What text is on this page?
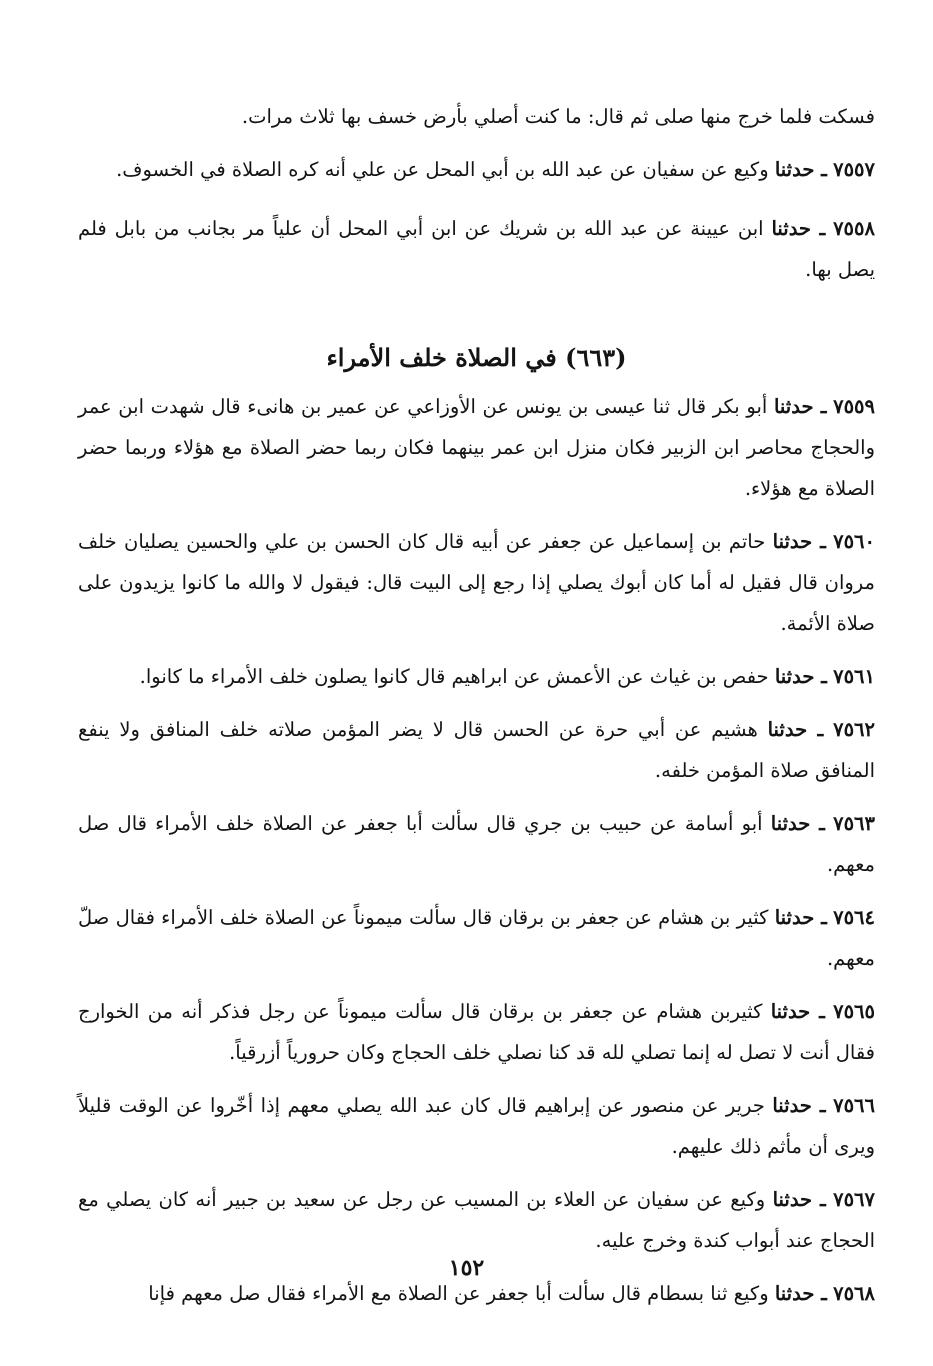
فسكت فلما خرج منها صلى ثم قال: ما كنت أصلي بأرض خسف بها ثلاث مرات.

٧٥٥٧ ـ حدثنا وكيع عن سفيان عن عبد الله بن أبي المحل عن علي أنه كره الصلاة في الخسوف.

٧٥٥٨ ـ حدثنا ابن عيينة عن عبد الله بن شريك عن ابن أبي المحل أن علياً مر بجانب من بابل فلم يصل بها.

(٦٦٣) في الصلاة خلف الأمراء

٧٥٥٩ ـ حدثنا أبو بكر قال ثنا عيسى بن يونس عن الأوزاعي عن عمير بن هانىء قال شهدت ابن عمر والحجاج محاصر ابن الزبير فكان منزل ابن عمر بينهما فكان ربما حضر الصلاة مع هؤلاء وربما حضر الصلاة مع هؤلاء.

٧٥٦٠ ـ حدثنا حاتم بن إسماعيل عن جعفر عن أبيه قال كان الحسن بن علي والحسين يصليان خلف مروان قال فقيل له أما كان أبوك يصلي إذا رجع إلى البيت قال: فيقول لا والله ما كانوا يزيدون على صلاة الأئمة.

٧٥٦١ ـ حدثنا حفص بن غياث عن الأعمش عن ابراهيم قال كانوا يصلون خلف الأمراء ما كانوا.

٧٥٦٢ ـ حدثنا هشيم عن أبي حرة عن الحسن قال لا يضر المؤمن صلاته خلف المنافق ولا ينفع المنافق صلاة المؤمن خلفه.

٧٥٦٣ ـ حدثنا أبو أسامة عن حبيب بن جري قال سألت أبا جعفر عن الصلاة خلف الأمراء قال صل معهم.

٧٥٦٤ ـ حدثنا كثير بن هشام عن جعفر بن برقان قال سألت ميموناً عن الصلاة خلف الأمراء فقال صلّ معهم.

٧٥٦٥ ـ حدثنا كثيربن هشام عن جعفر بن برقان قال سألت ميموناً عن رجل فذكر أنه من الخوارج فقال أنت لا تصل له إنما تصلي لله قد كنا نصلي خلف الحجاج وكان حرورياً أزرقياً.

٧٥٦٦ ـ حدثنا جرير عن منصور عن إبراهيم قال كان عبد الله يصلي معهم إذا أخّروا عن الوقت قليلاً ويرى أن مأثم ذلك عليهم.

٧٥٦٧ ـ حدثنا وكيع عن سفيان عن العلاء بن المسيب عن رجل عن سعيد بن جبير أنه كان يصلي مع الحجاج عند أبواب كندة وخرج عليه.

٧٥٦٨ ـ حدثنا وكيع ثنا بسطام قال سألت أبا جعفر عن الصلاة مع الأمراء فقال صل معهم فإنا

١٥٢
